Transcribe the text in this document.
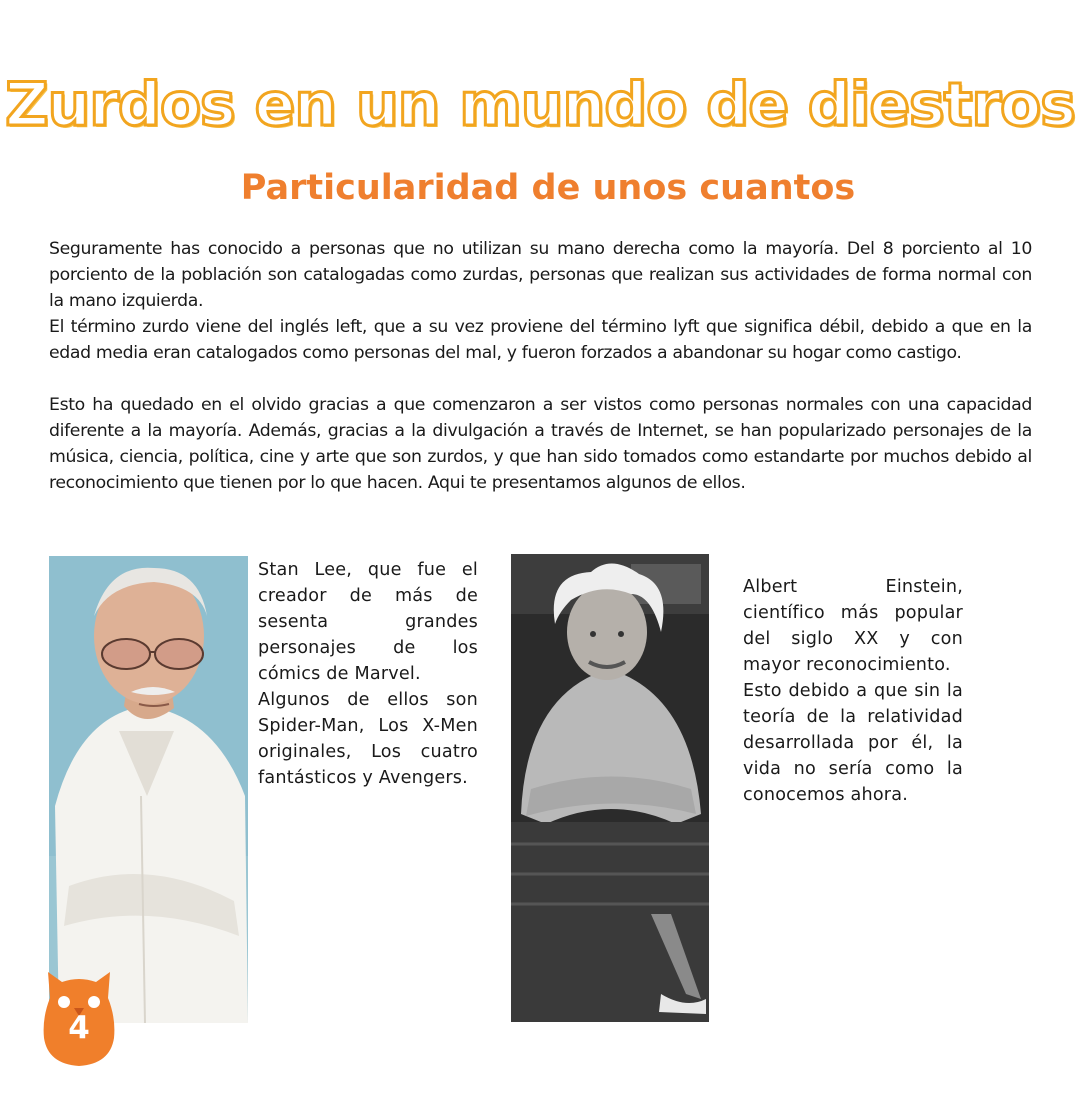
Zurdos en un mundo de diestros
Particularidad de unos cuantos

Seguramente has conocido a personas que no utilizan su mano derecha como la mayoría. Del 8 porciento al 10 porciento de la población son catalogadas como zurdas, personas que realizan sus actividades de forma normal con la mano izquierda.

El término zurdo viene del inglés left, que a su vez proviene del término lyft que significa débil, debido a que en la edad media eran catalogados como personas del mal, y fueron forzados a abandonar su hogar como castigo.

Esto ha quedado en el olvido gracias a que comenzaron a ser vistos como personas normales con una capacidad diferente a la mayoría. Además, gracias a la divulgación a través de Internet, se han popularizado personajes de la música, ciencia, política, cine y arte que son zurdos, y que han sido tomados como estandarte por muchos debido al reconocimiento que tienen por lo que hacen. Aqui te presentamos algunos de ellos.

Stan Lee, que fue el creador de más de sesenta grandes personajes de los cómics de Marvel.

Algunos de ellos son Spider-Man, Los X-Men originales, Los cuatro fantásticos y Avengers.

Albert Einstein, científico más popular del siglo XX y con mayor reconocimiento.

Esto debido a que sin la teoría de la relatividad desarrollada por él, la vida no sería como la conocemos ahora.

4
